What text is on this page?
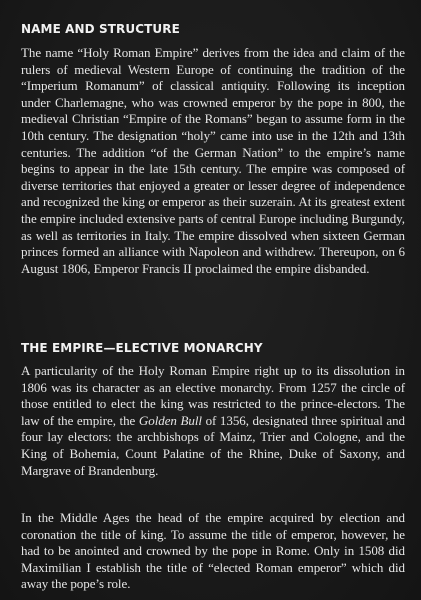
NAME AND STRUCTURE

The name “Holy Roman Empire” derives from the idea and claim of the rulers of medieval Western Europe of continuing the tradition of the “Imperium Romanum” of classical antiquity. Following its inception under Charlemagne, who was crowned emperor by the pope in 800, the medieval Christian “Empire of the Romans” began to assume form in the 10th century. The designation “holy” came into use in the 12th and 13th centuries. The addition “of the German Nation” to the empire’s name begins to appear in the late 15th century. The empire was composed of diverse territories that enjoyed a greater or lesser degree of independence and recognized the king or emperor as their suzerain. At its greatest extent the empire included extensive parts of central Europe including Burgundy, as well as territories in Italy. The empire dissolved when sixteen German princes formed an alliance with Napoleon and withdrew. Thereupon, on 6 August 1806, Emperor Francis II proclaimed the empire disbanded.

THE EMPIRE—ELECTIVE MONARCHY

A particularity of the Holy Roman Empire right up to its dissolution in 1806 was its character as an elective monarchy. From 1257 the circle of those entitled to elect the king was restricted to the prince-electors. The law of the empire, the Golden Bull of 1356, designated three spiritual and four lay electors: the archbishops of Mainz, Trier and Cologne, and the King of Bohemia, Count Palatine of the Rhine, Duke of Saxony, and Margrave of Brandenburg.

In the Middle Ages the head of the empire acquired by election and coronation the title of king. To assume the title of emperor, however, he had to be anointed and crowned by the pope in Rome. Only in 1508 did Maximilian I establish the title of “elected Roman emperor” which did away the pope’s role.
